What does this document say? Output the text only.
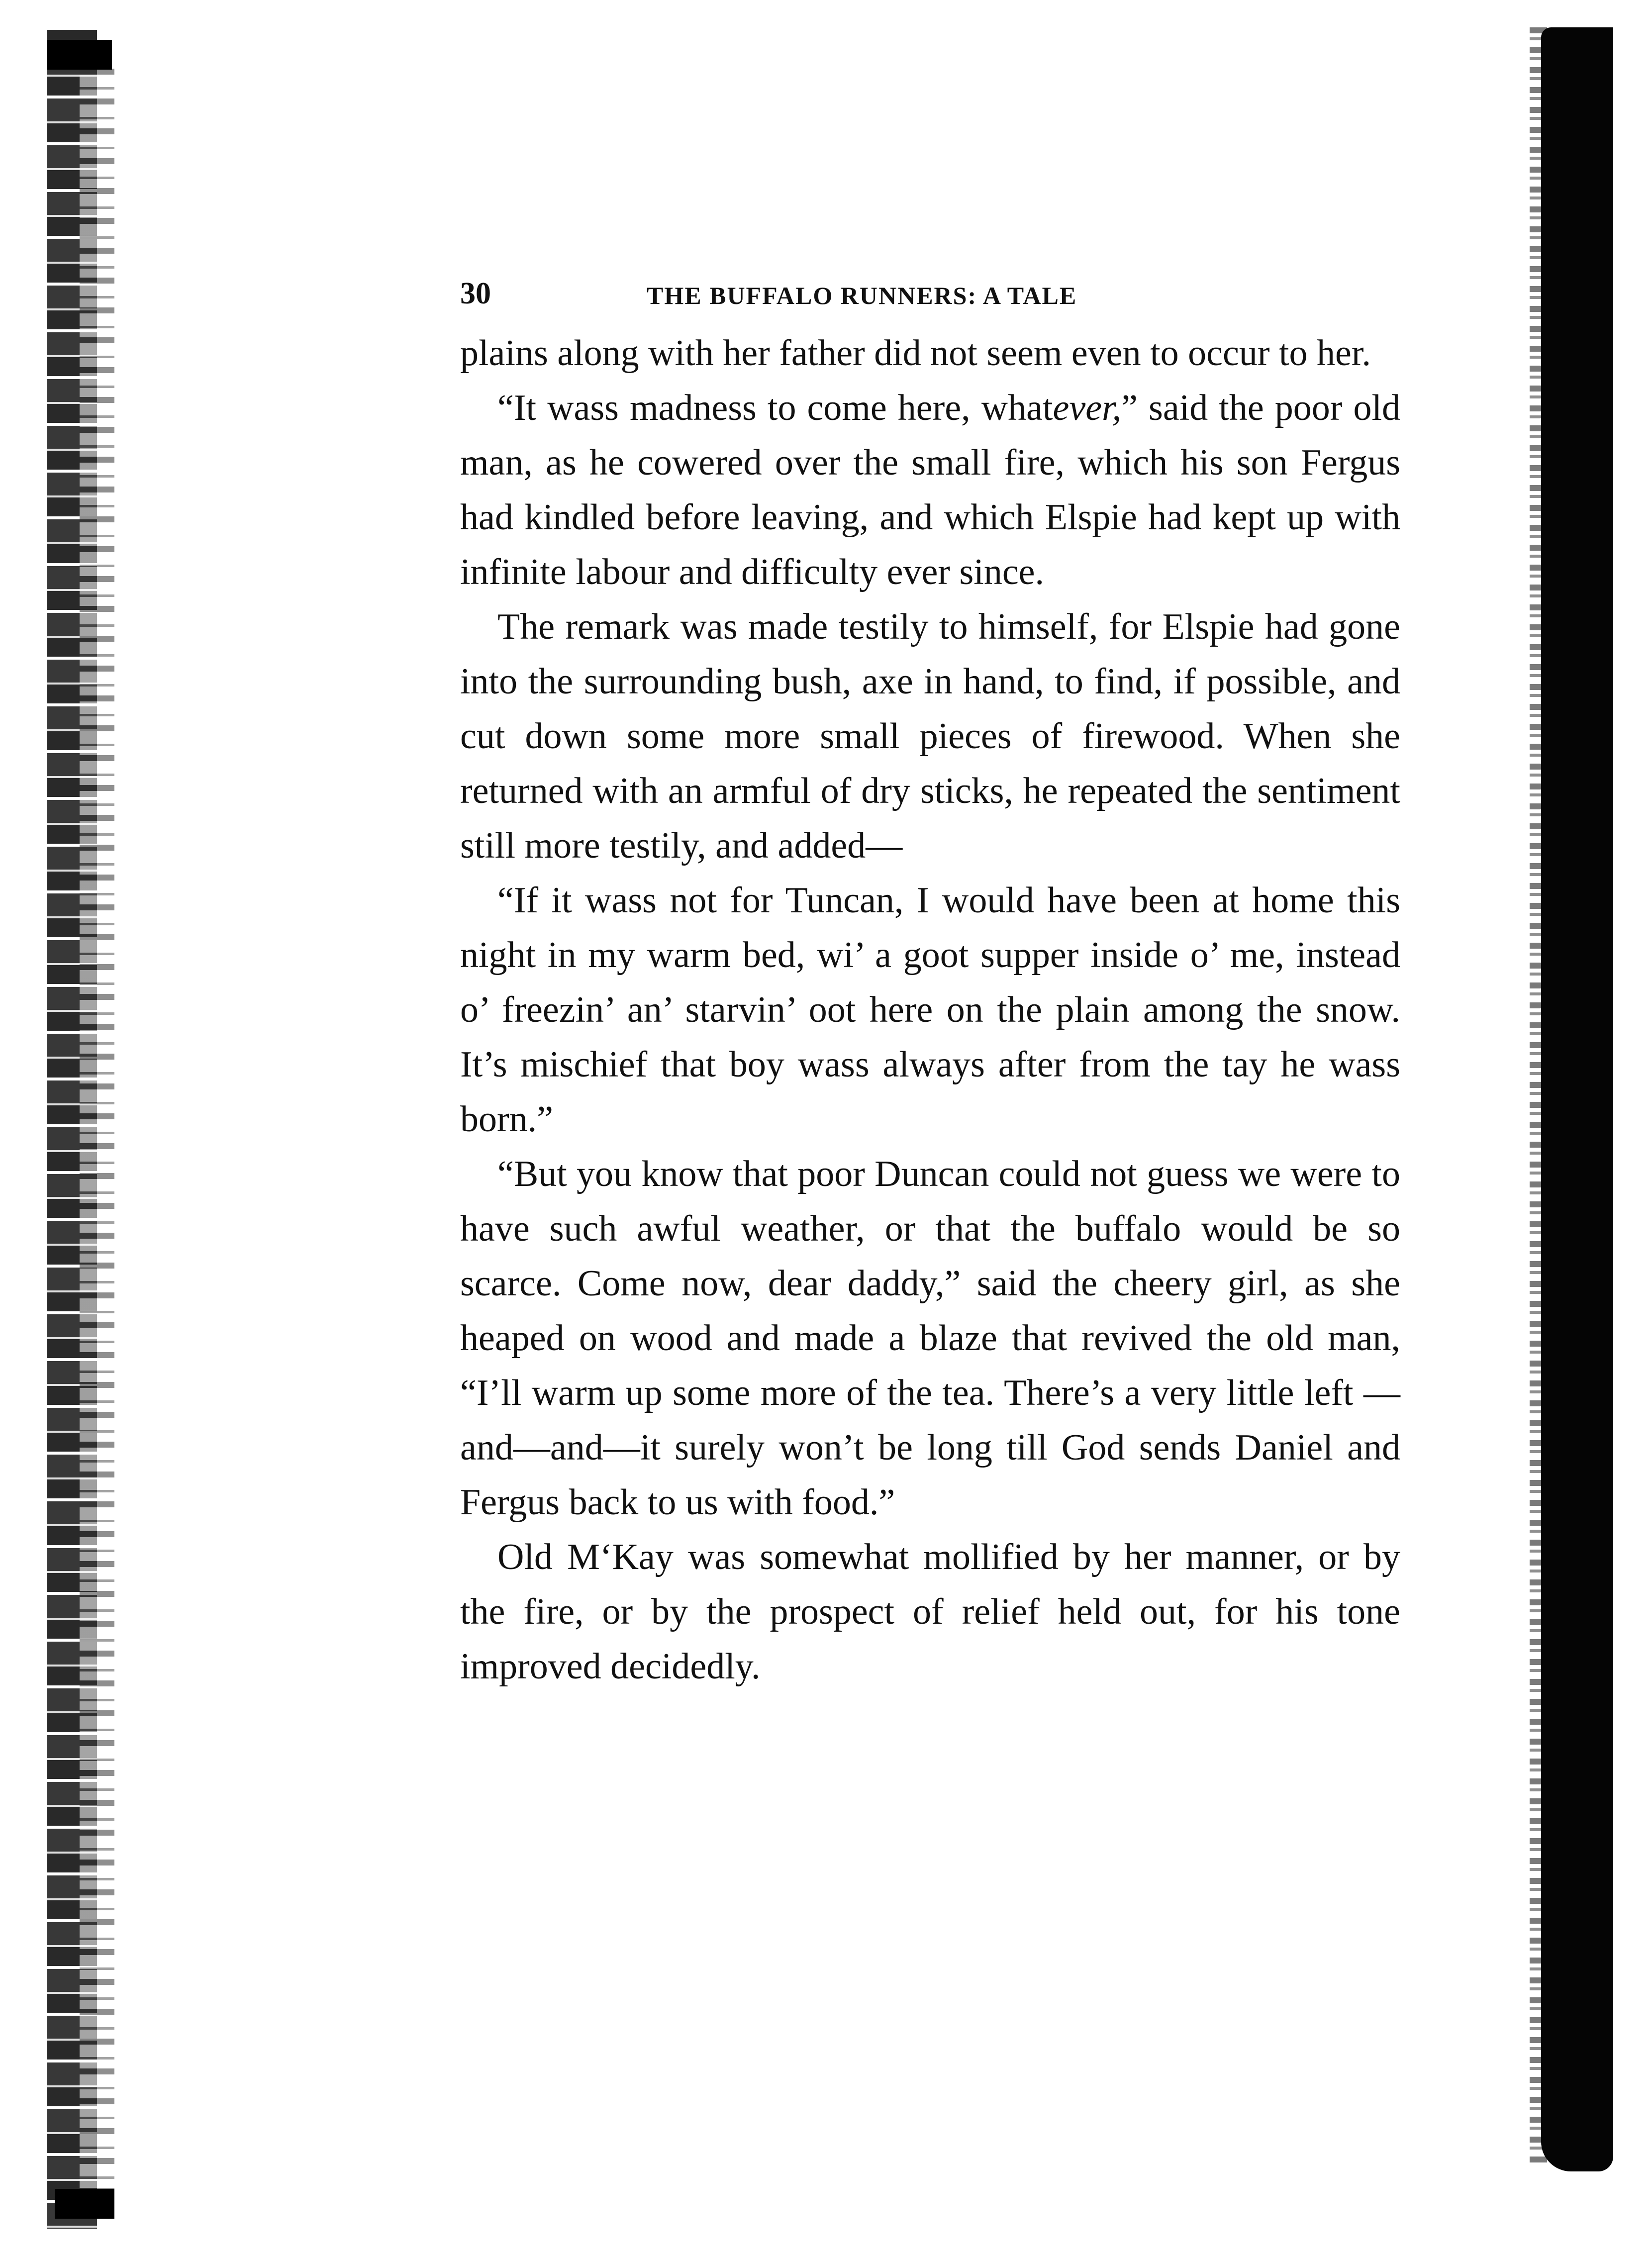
30	THE BUFFALO RUNNERS: A TALE

plains along with her father did not seem even to occur to her.

“It wass madness to come here, whatever,” said the poor old man, as he cowered over the small fire, which his son Fergus had kindled before leaving, and which Elspie had kept up with infinite labour and difficulty ever since.

The remark was made testily to himself, for Elspie had gone into the surrounding bush, axe in hand, to find, if possible, and cut down some more small pieces of firewood. When she returned with an armful of dry sticks, he repeated the sentiment still more testily, and added—

“If it wass not for Tuncan, I would have been at home this night in my warm bed, wi’ a goot supper inside o’ me, instead o’ freezin’ an’ starvin’ oot here on the plain among the snow. It’s mischief that boy wass always after from the tay he wass born.”

“But you know that poor Duncan could not guess we were to have such awful weather, or that the buffalo would be so scarce. Come now, dear daddy,” said the cheery girl, as she heaped on wood and made a blaze that revived the old man, “I’ll warm up some more of the tea. There’s a very little left —and—and—it surely won’t be long till God sends Daniel and Fergus back to us with food.”

Old M‘Kay was somewhat mollified by her manner, or by the fire, or by the prospect of relief held out, for his tone improved decidedly.
